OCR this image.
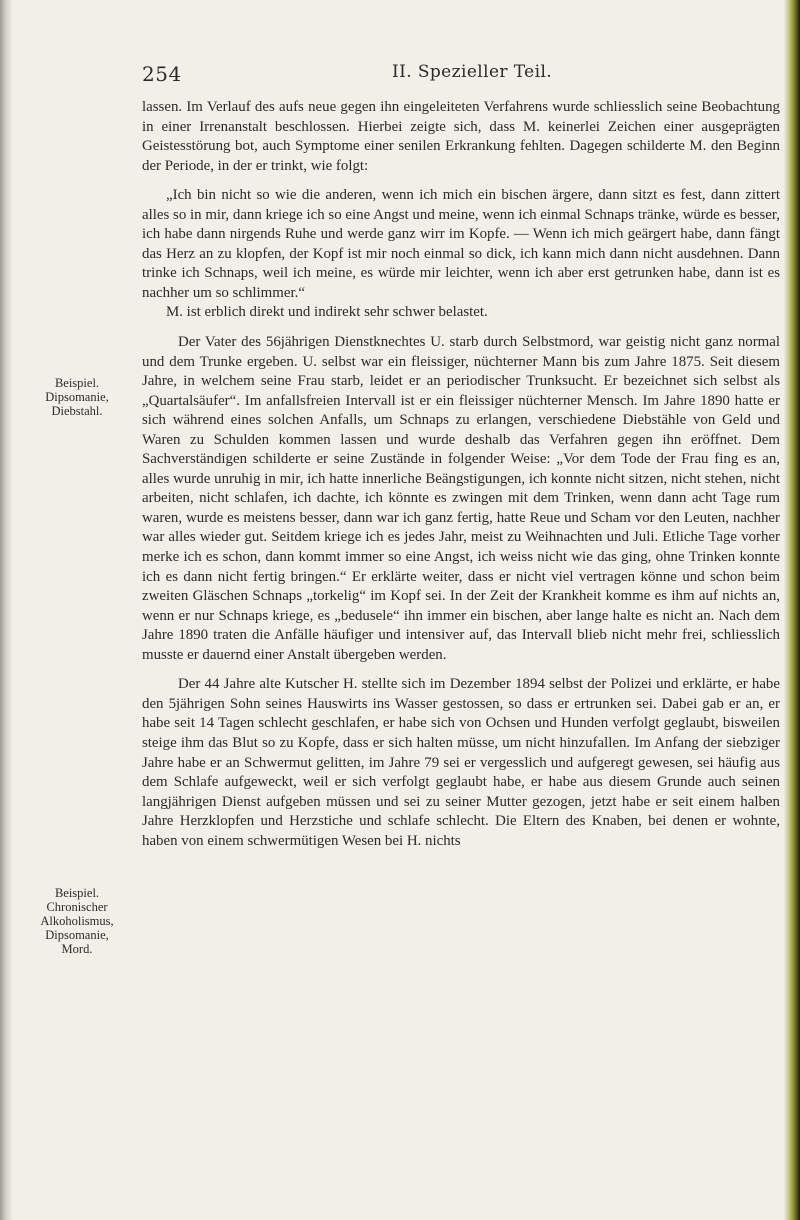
254	II. Spezieller Teil.
Beispiel.
Dipsomanie,
Diebstahl.
Beispiel.
Chronischer
Alkoholismus,
Dipsomanie,
Mord.

lassen. Im Verlauf des aufs neue gegen ihn eingeleiteten Verfahrens wurde schliesslich seine Beobachtung in einer Irrenanstalt beschlossen. Hierbei zeigte sich, dass M. keinerlei Zeichen einer ausgeprägten Geistesstörung bot, auch Symptome einer senilen Erkrankung fehlten. Dagegen schilderte M. den Beginn der Periode, in der er trinkt, wie folgt:

„Ich bin nicht so wie die anderen, wenn ich mich ein bischen ärgere, dann sitzt es fest, dann zittert alles so in mir, dann kriege ich so eine Angst und meine, wenn ich einmal Schnaps tränke, würde es besser, ich habe dann nirgends Ruhe und werde ganz wirr im Kopfe. — Wenn ich mich geärgert habe, dann fängt das Herz an zu klopfen, der Kopf ist mir noch einmal so dick, ich kann mich dann nicht ausdehnen. Dann trinke ich Schnaps, weil ich meine, es würde mir leichter, wenn ich aber erst getrunken habe, dann ist es nachher um so schlimmer.“

M. ist erblich direkt und indirekt sehr schwer belastet.

Der Vater des 56jährigen Dienstknechtes U. starb durch Selbstmord, war geistig nicht ganz normal und dem Trunke ergeben. U. selbst war ein fleissiger, nüchterner Mann bis zum Jahre 1875. Seit diesem Jahre, in welchem seine Frau starb, leidet er an periodischer Trunksucht. Er bezeichnet sich selbst als „Quartalsäufer“. Im anfallsfreien Intervall ist er ein fleissiger nüchterner Mensch. Im Jahre 1890 hatte er sich während eines solchen Anfalls, um Schnaps zu erlangen, verschiedene Diebstähle von Geld und Waren zu Schulden kommen lassen und wurde deshalb das Verfahren gegen ihn eröffnet. Dem Sachverständigen schilderte er seine Zustände in folgender Weise: „Vor dem Tode der Frau fing es an, alles wurde unruhig in mir, ich hatte innerliche Beängstigungen, ich konnte nicht sitzen, nicht stehen, nicht arbeiten, nicht schlafen, ich dachte, ich könnte es zwingen mit dem Trinken, wenn dann acht Tage rum waren, wurde es meistens besser, dann war ich ganz fertig, hatte Reue und Scham vor den Leuten, nachher war alles wieder gut. Seitdem kriege ich es jedes Jahr, meist zu Weihnachten und Juli. Etliche Tage vorher merke ich es schon, dann kommt immer so eine Angst, ich weiss nicht wie das ging, ohne Trinken konnte ich es dann nicht fertig bringen.“ Er erklärte weiter, dass er nicht viel vertragen könne und schon beim zweiten Gläschen Schnaps „torkelig“ im Kopf sei. In der Zeit der Krankheit komme es ihm auf nichts an, wenn er nur Schnaps kriege, es „bedusele“ ihn immer ein bischen, aber lange halte es nicht an. Nach dem Jahre 1890 traten die Anfälle häufiger und intensiver auf, das Intervall blieb nicht mehr frei, schliesslich musste er dauernd einer Anstalt übergeben werden.

Der 44 Jahre alte Kutscher H. stellte sich im Dezember 1894 selbst der Polizei und erklärte, er habe den 5jährigen Sohn seines Hauswirts ins Wasser gestossen, so dass er ertrunken sei. Dabei gab er an, er habe seit 14 Tagen schlecht geschlafen, er habe sich von Ochsen und Hunden verfolgt geglaubt, bisweilen steige ihm das Blut so zu Kopfe, dass er sich halten müsse, um nicht hinzufallen. Im Anfang der siebziger Jahre habe er an Schwermut gelitten, im Jahre 79 sei er vergesslich und aufgeregt gewesen, sei häufig aus dem Schlafe aufgeweckt, weil er sich verfolgt geglaubt habe, er habe aus diesem Grunde auch seinen langjährigen Dienst aufgeben müssen und sei zu seiner Mutter gezogen, jetzt habe er seit einem halben Jahre Herzklopfen und Herzstiche und schlafe schlecht. Die Eltern des Knaben, bei denen er wohnte, haben von einem schwermütigen Wesen bei H. nichts
